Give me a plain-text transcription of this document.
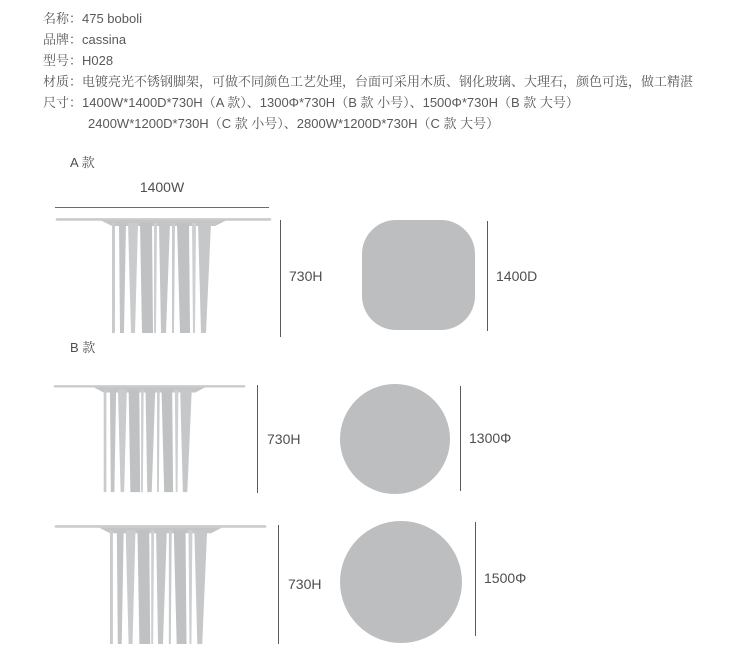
名称：475 boboli
品牌：cassina
型号：H028
材质：电镀亮光不锈钢脚架，可做不同颜色工艺处理，台面可采用木质、钢化玻璃、大理石，颜色可选，做工精湛
尺寸：1400W*1400D*730H（A 款）、1300Φ*730H（B 款 小号）、1500Φ*730H（B 款 大号）
2400W*1200D*730H（C 款 小号）、2800W*1200D*730H（C 款 大号）
A 款
1400W
730H	1400D
B 款
730H	1300Φ
730H	1500Φ
